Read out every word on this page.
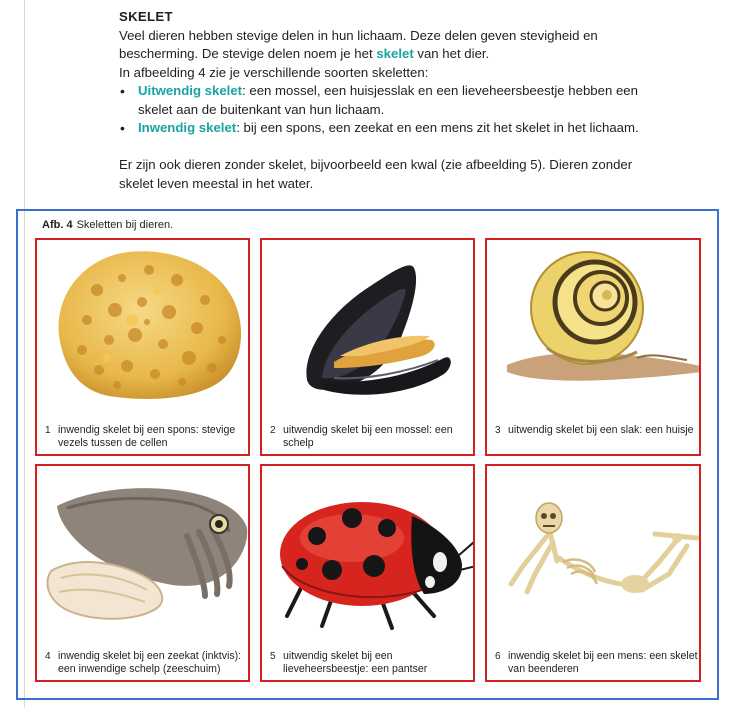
SKELET
Veel dieren hebben stevige delen in hun lichaam. Deze delen geven stevigheid en
bescherming. De stevige delen noem je het skelet van het dier.
In afbeelding 4 zie je verschillende soorten skeletten:
• Uitwendig skelet: een mossel, een huisjesslak en een lieveheersbeestje hebben een
skelet aan de buitenkant van hun lichaam.
• Inwendig skelet: bij een spons, een zeekat en een mens zit het skelet in het lichaam.
Er zijn ook dieren zonder skelet, bijvoorbeeld een kwal (zie afbeelding 5). Dieren zonder
skelet leven meestal in het water.
Afb. 4 Skeletten bij dieren.
1 inwendig skelet bij een spons: stevige vezels tussen de cellen
2 uitwendig skelet bij een mossel: een schelp
3 uitwendig skelet bij een slak: een huisje
4 inwendig skelet bij een zeekat (inktvis): een inwendige schelp (zeeschuim)
5 uitwendig skelet bij een lieveheersbeestje: een pantser
6 inwendig skelet bij een mens: een skelet van beenderen
